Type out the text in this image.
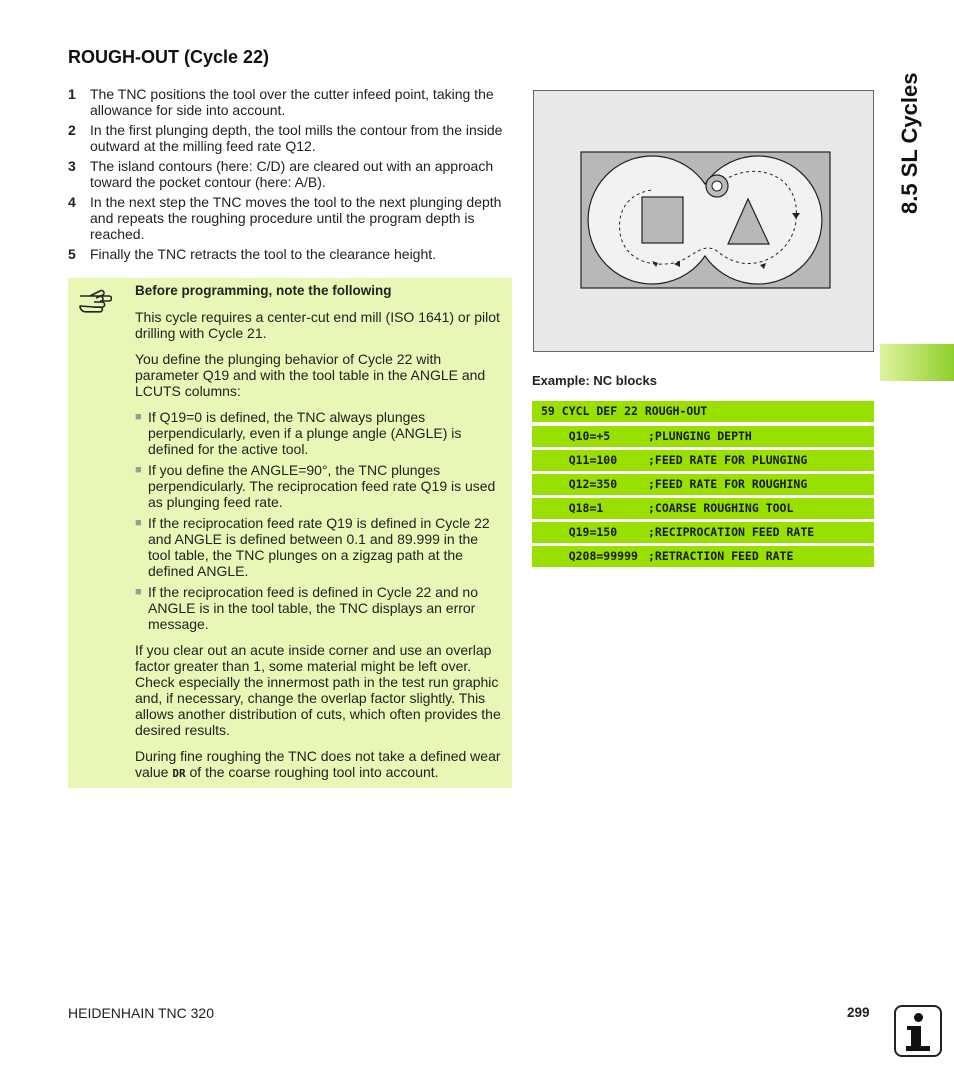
ROUGH-OUT (Cycle 22)
1	The TNC positions the tool over the cutter infeed point, taking the allowance for side into account.
2	In the first plunging depth, the tool mills the contour from the inside outward at the milling feed rate Q12.
3	The island contours (here: C/D) are cleared out with an approach toward the pocket contour (here: A/B).
4	In the next step the TNC moves the tool to the next plunging depth and repeats the roughing procedure until the program depth is reached.
5	Finally the TNC retracts the tool to the clearance height.
Before programming, note the following
This cycle requires a center-cut end mill (ISO 1641) or pilot drilling with Cycle 21.
You define the plunging behavior of Cycle 22 with parameter Q19 and with the tool table in the ANGLE and LCUTS columns:
■ If Q19=0 is defined, the TNC always plunges perpendicularly, even if a plunge angle (ANGLE) is defined for the active tool.
■ If you define the ANGLE=90°, the TNC plunges perpendicularly. The reciprocation feed rate Q19 is used as plunging feed rate.
■ If the reciprocation feed rate Q19 is defined in Cycle 22 and ANGLE is defined between 0.1 and 89.999 in the tool table, the TNC plunges on a zigzag path at the defined ANGLE.
■ If the reciprocation feed is defined in Cycle 22 and no ANGLE is in the tool table, the TNC displays an error message.
If you clear out an acute inside corner and use an overlap factor greater than 1, some material might be left over. Check especially the innermost path in the test run graphic and, if necessary, change the overlap factor slightly. This allows another distribution of cuts, which often provides the desired results.
During fine roughing the TNC does not take a defined wear value DR of the coarse roughing tool into account.
Example: NC blocks
59 CYCL DEF 22 ROUGH-OUT
Q10=+5	;PLUNGING DEPTH
Q11=100	;FEED RATE FOR PLUNGING
Q12=350	;FEED RATE FOR ROUGHING
Q18=1	;COARSE ROUGHING TOOL
Q19=150	;RECIPROCATION FEED RATE
Q208=99999 ;RETRACTION FEED RATE
8.5 SL Cycles
HEIDENHAIN TNC 320	299
